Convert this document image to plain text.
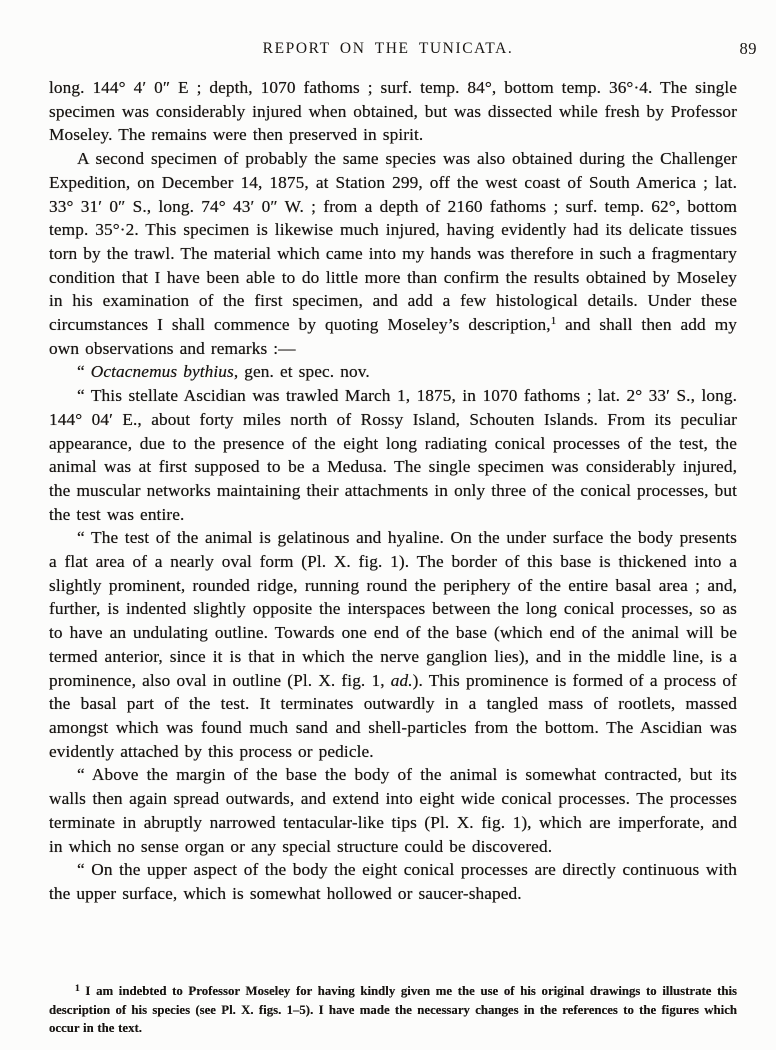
REPORT ON THE TUNICATA.	89

long. 144° 4′ 0″ E ; depth, 1070 fathoms ; surf. temp. 84°, bottom temp. 36°·4. The single specimen was considerably injured when obtained, but was dissected while fresh by Professor Moseley. The remains were then preserved in spirit.

A second specimen of probably the same species was also obtained during the Challenger Expedition, on December 14, 1875, at Station 299, off the west coast of South America ; lat. 33° 31′ 0″ S., long. 74° 43′ 0″ W. ; from a depth of 2160 fathoms ; surf. temp. 62°, bottom temp. 35°·2. This specimen is likewise much injured, having evidently had its delicate tissues torn by the trawl. The material which came into my hands was therefore in such a fragmentary condition that I have been able to do little more than confirm the results obtained by Moseley in his examination of the first specimen, and add a few histological details. Under these circumstances I shall commence by quoting Moseley’s description,$^1$ and shall then add my own observations and remarks :—

“ Octacnemus bythius, gen. et spec. nov.

“ This stellate Ascidian was trawled March 1, 1875, in 1070 fathoms ; lat. 2° 33′ S., long. 144° 04′ E., about forty miles north of Rossy Island, Schouten Islands. From its peculiar appearance, due to the presence of the eight long radiating conical processes of the test, the animal was at first supposed to be a Medusa. The single specimen was considerably injured, the muscular networks maintaining their attachments in only three of the conical processes, but the test was entire.

“ The test of the animal is gelatinous and hyaline. On the under surface the body presents a flat area of a nearly oval form (Pl. X. fig. 1). The border of this base is thickened into a slightly prominent, rounded ridge, running round the periphery of the entire basal area ; and, further, is indented slightly opposite the interspaces between the long conical processes, so as to have an undulating outline. Towards one end of the base (which end of the animal will be termed anterior, since it is that in which the nerve ganglion lies), and in the middle line, is a prominence, also oval in outline (Pl. X. fig. 1, ad.). This prominence is formed of a process of the basal part of the test. It terminates outwardly in a tangled mass of rootlets, massed amongst which was found much sand and shell-particles from the bottom. The Ascidian was evidently attached by this process or pedicle.

“ Above the margin of the base the body of the animal is somewhat contracted, but its walls then again spread outwards, and extend into eight wide conical processes. The processes terminate in abruptly narrowed tentacular-like tips (Pl. X. fig. 1), which are imperforate, and in which no sense organ or any special structure could be discovered.

“ On the upper aspect of the body the eight conical processes are directly continuous with the upper surface, which is somewhat hollowed or saucer-shaped.

$^1$ I am indebted to Professor Moseley for having kindly given me the use of his original drawings to illustrate this description of his species (see Pl. X. figs. 1–5). I have made the necessary changes in the references to the figures which occur in the text.
